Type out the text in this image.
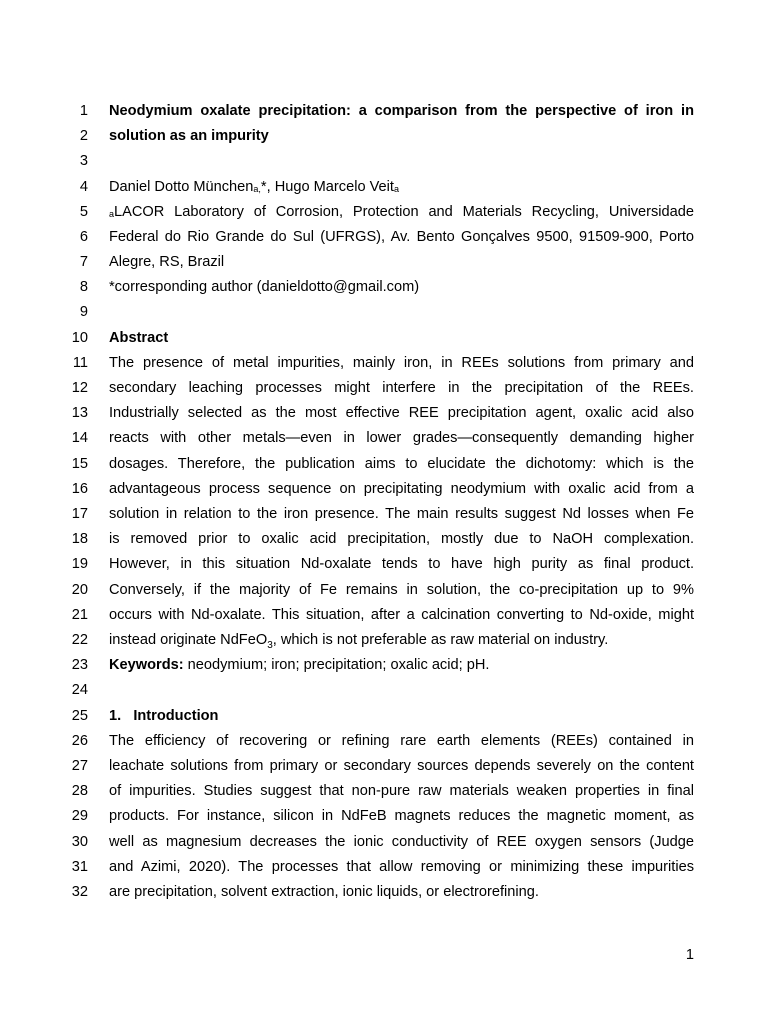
1 Neodymium oxalate precipitation: a comparison from the perspective of iron in
2 solution as an impurity
3
4 Daniel Dotto München$^{a,}$*, Hugo Marcelo Veit$^a$
5 $^a$LACOR Laboratory of Corrosion, Protection and Materials Recycling, Universidade
6 Federal do Rio Grande do Sul (UFRGS), Av. Bento Gonçalves 9500, 91509-900, Porto
7 Alegre, RS, Brazil
8 *corresponding author (danieldotto@gmail.com)
9
10 Abstract
11 The presence of metal impurities, mainly iron, in REEs solutions from primary and
12 secondary leaching processes might interfere in the precipitation of the REEs.
13 Industrially selected as the most effective REE precipitation agent, oxalic acid also
14 reacts with other metals—even in lower grades—consequently demanding higher
15 dosages. Therefore, the publication aims to elucidate the dichotomy: which is the
16 advantageous process sequence on precipitating neodymium with oxalic acid from a
17 solution in relation to the iron presence. The main results suggest Nd losses when Fe
18 is removed prior to oxalic acid precipitation, mostly due to NaOH complexation.
19 However, in this situation Nd-oxalate tends to have high purity as final product.
20 Conversely, if the majority of Fe remains in solution, the co-precipitation up to 9%
21 occurs with Nd-oxalate. This situation, after a calcination converting to Nd-oxide, might
22 instead originate NdFeO$_3$, which is not preferable as raw material on industry.
23 Keywords: neodymium; iron; precipitation; oxalic acid; pH.
24
25 1.   Introduction
26 The efficiency of recovering or refining rare earth elements (REEs) contained in
27 leachate solutions from primary or secondary sources depends severely on the content
28 of impurities. Studies suggest that non-pure raw materials weaken properties in final
29 products. For instance, silicon in NdFeB magnets reduces the magnetic moment, as
30 well as magnesium decreases the ionic conductivity of REE oxygen sensors (Judge
31 and Azimi, 2020). The processes that allow removing or minimizing these impurities
32 are precipitation, solvent extraction, ionic liquids, or electrorefining.
1
